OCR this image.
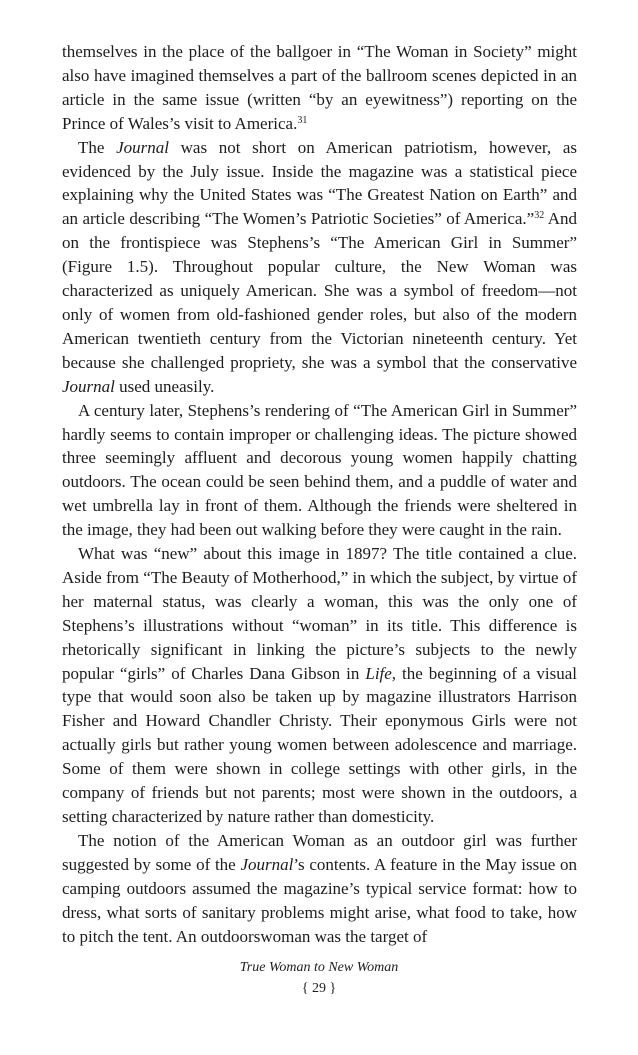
themselves in the place of the ballgoer in “The Woman in Society” might also have imagined themselves a part of the ballroom scenes depicted in an article in the same issue (written “by an eyewitness”) reporting on the Prince of Wales’s visit to America.$^{31}$

The Journal was not short on American patriotism, however, as evidenced by the July issue. Inside the magazine was a statistical piece explaining why the United States was “The Greatest Nation on Earth” and an article describing “The Women’s Patriotic Societies” of America.”$^{32}$ And on the frontispiece was Stephens’s “The American Girl in Summer” (Figure 1.5). Throughout popular culture, the New Woman was characterized as uniquely American. She was a symbol of freedom—not only of women from old-fashioned gender roles, but also of the modern American twentieth century from the Victorian nineteenth century. Yet because she challenged propriety, she was a symbol that the conservative Journal used uneasily.

A century later, Stephens’s rendering of “The American Girl in Summer” hardly seems to contain improper or challenging ideas. The picture showed three seemingly affluent and decorous young women happily chatting outdoors. The ocean could be seen behind them, and a puddle of water and wet umbrella lay in front of them. Although the friends were sheltered in the image, they had been out walking before they were caught in the rain.

What was “new” about this image in 1897? The title contained a clue. Aside from “The Beauty of Motherhood,” in which the subject, by virtue of her maternal status, was clearly a woman, this was the only one of Stephens’s illustrations without “woman” in its title. This difference is rhetorically significant in linking the picture’s subjects to the newly popular “girls” of Charles Dana Gibson in Life, the beginning of a visual type that would soon also be taken up by magazine illustrators Harrison Fisher and Howard Chandler Christy. Their eponymous Girls were not actually girls but rather young women between adolescence and marriage. Some of them were shown in college settings with other girls, in the company of friends but not parents; most were shown in the outdoors, a setting characterized by nature rather than domesticity.

The notion of the American Woman as an outdoor girl was further suggested by some of the Journal’s contents. A feature in the May issue on camping outdoors assumed the magazine’s typical service format: how to dress, what sorts of sanitary problems might arise, what food to take, how to pitch the tent. An outdoorswoman was the target of

True Woman to New Woman
{ 29 }
